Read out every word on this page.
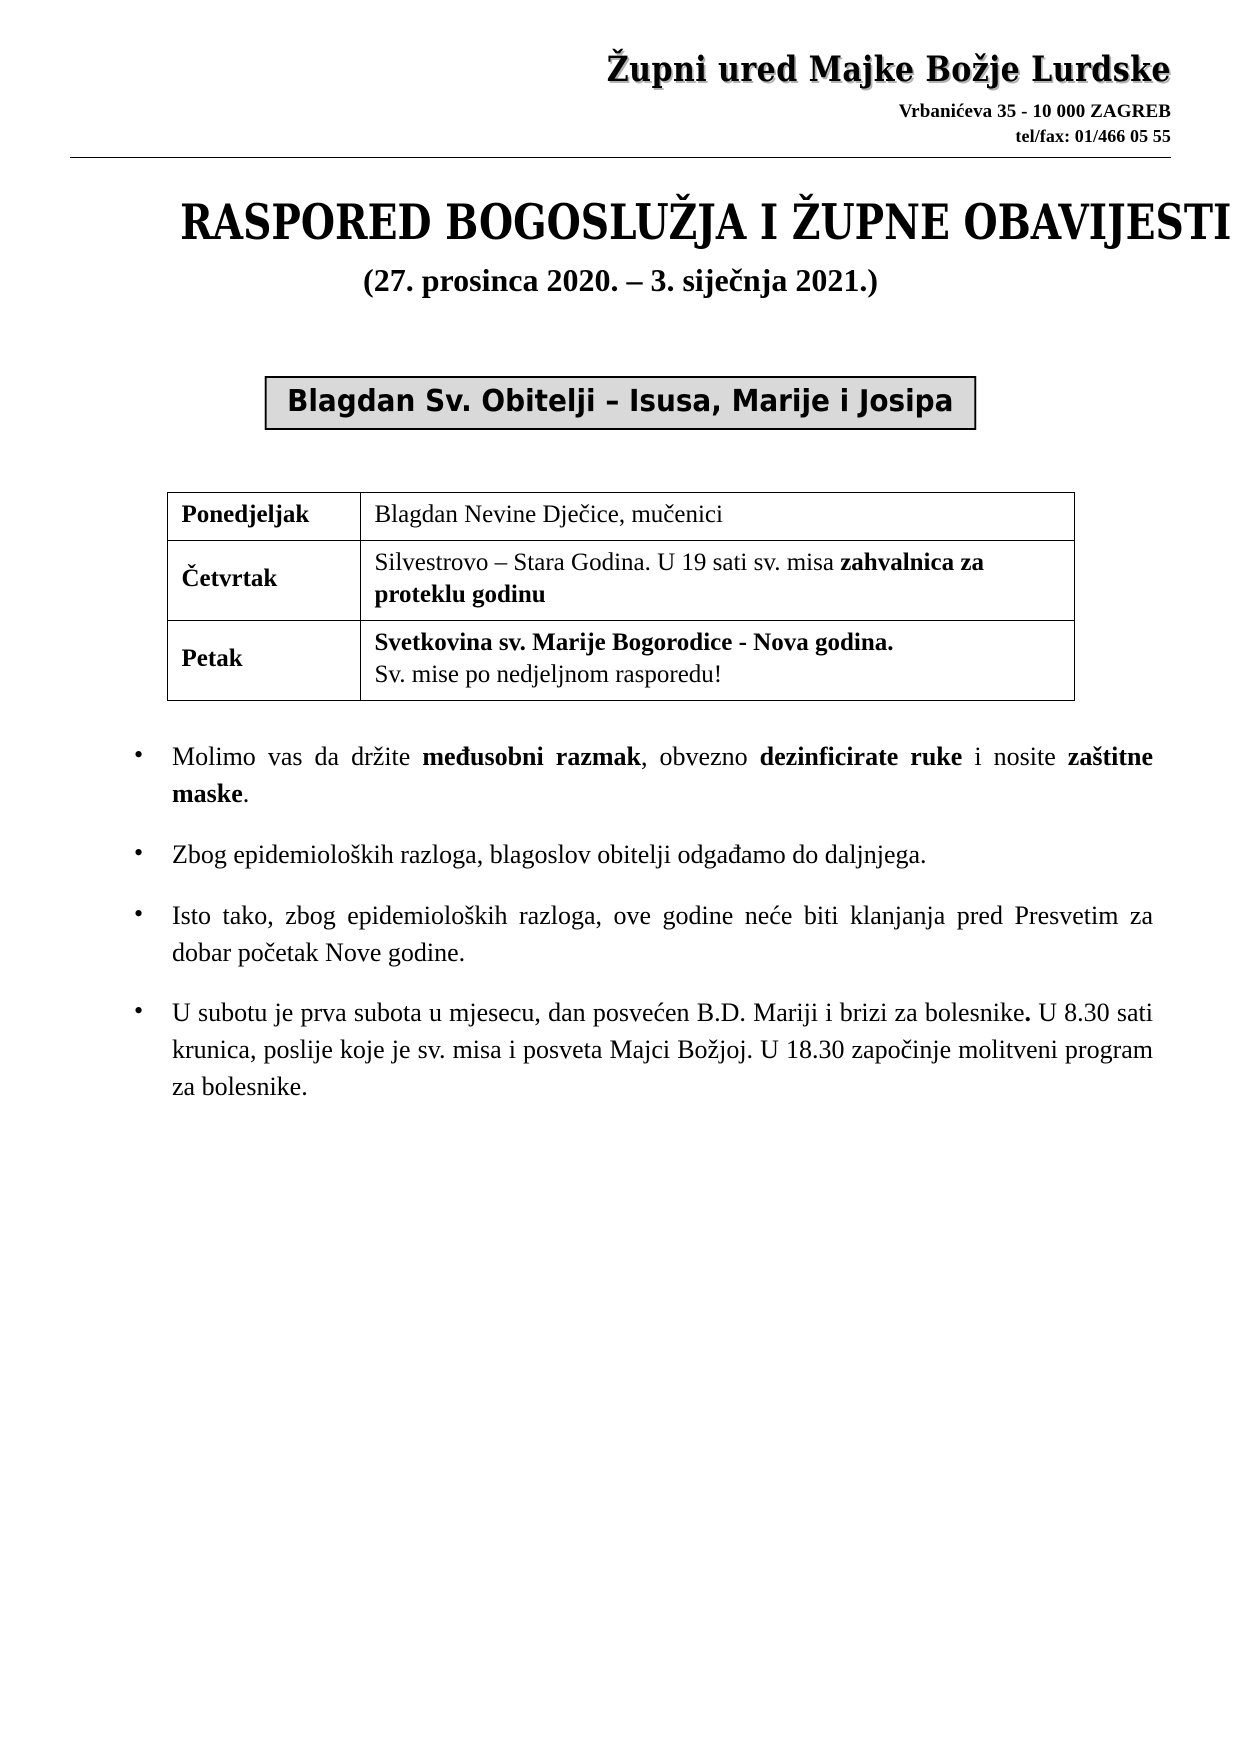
Župni ured Majke Božje Lurdske
Vrbanićeva 35 - 10 000 ZAGREB
tel/fax: 01/466 05 55
RASPORED BOGOSLUŽJA I ŽUPNE OBAVIJESTI
(27. prosinca 2020. – 3. siječnja 2021.)
Blagdan Sv. Obitelji – Isusa, Marije i Josipa
Ponedjeljak	Blagdan Nevine Dječice, mučenici

Četvrtak	Silvestrovo – Stara Godina. U 19 sati sv. misa zahvalnica za proteklu godinu

Petak	Svetkovina sv. Marije Bogorodice - Nova godina.
Sv. mise po nedjeljnom rasporedu!
• Molimo vas da držite međusobni razmak, obvezno dezinficirate ruke i nosite zaštitne maske.
• Zbog epidemioloških razloga, blagoslov obitelji odgađamo do daljnjega.
• Isto tako, zbog epidemioloških razloga, ove godine neće biti klanjanja pred Presvetim za dobar početak Nove godine.
• U subotu je prva subota u mjesecu, dan posvećen B.D. Mariji i brizi za bolesnike. U 8.30 sati krunica, poslije koje je sv. misa i posveta Majci Božjoj. U 18.30 započinje molitveni program za bolesnike.
